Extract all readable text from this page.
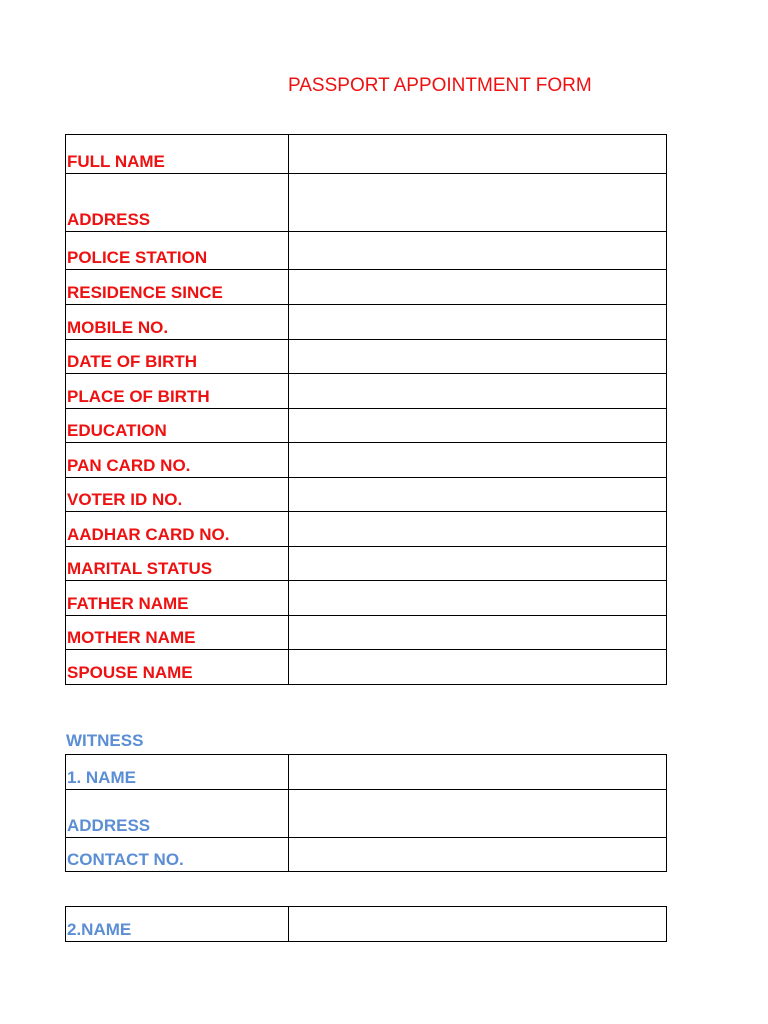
PASSPORT APPOINTMENT FORM
FULL NAME	
ADDRESS	
POLICE STATION	
RESIDENCE SINCE	
MOBILE NO.	
DATE OF BIRTH	
PLACE OF BIRTH	
EDUCATION	
PAN CARD NO.	
VOTER ID NO.	
AADHAR CARD NO.	
MARITAL STATUS	
FATHER NAME	
MOTHER NAME	
SPOUSE NAME	
WITNESS
1. NAME	
ADDRESS	
CONTACT NO.	
2.NAME	
